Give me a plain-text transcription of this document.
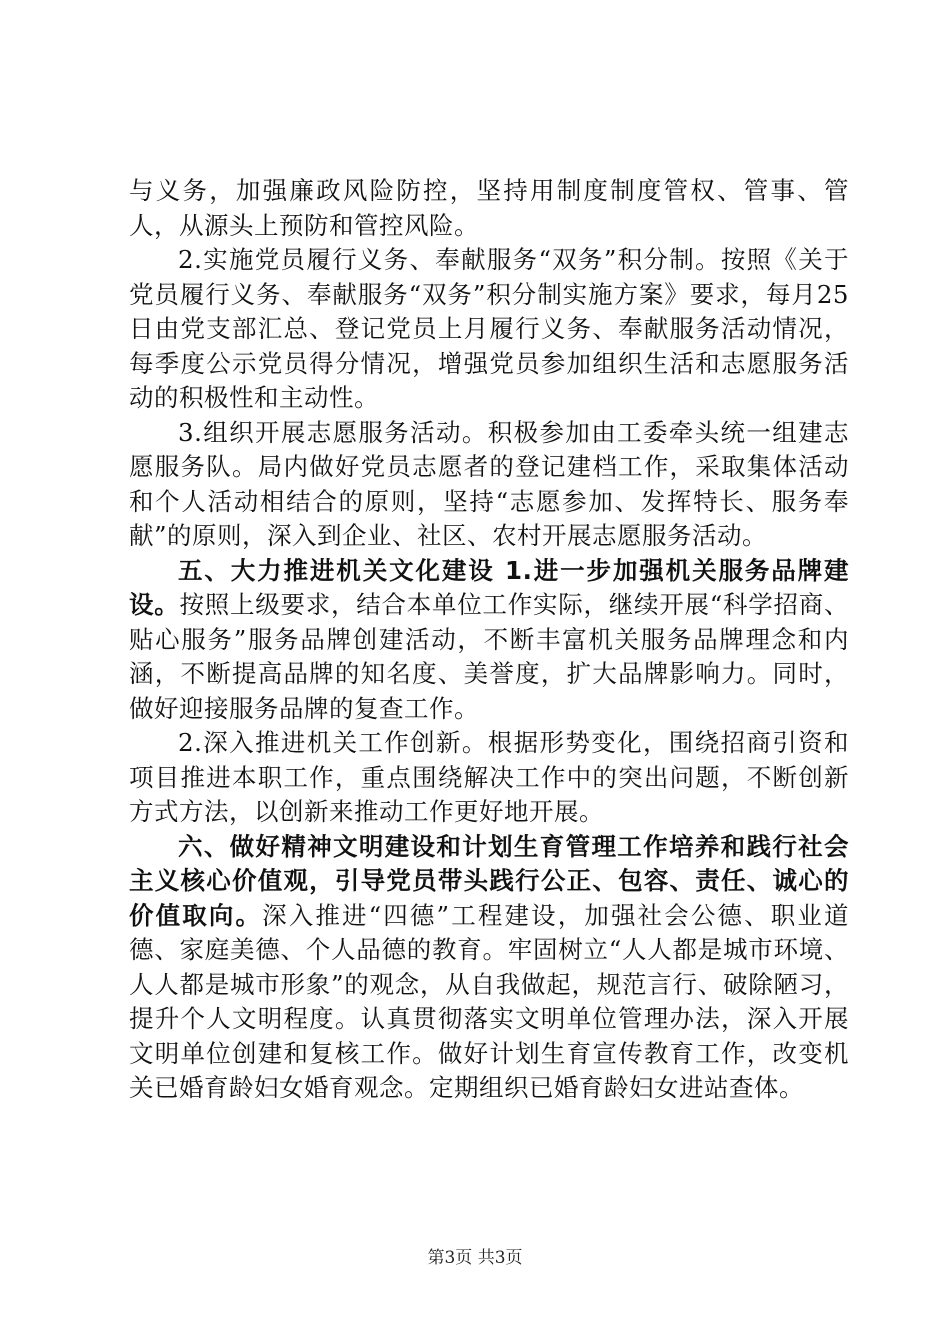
与义务，加强廉政风险防控，坚持用制度制度管权、管事、管人，从源头上预防和管控风险。

2.实施党员履行义务、奉献服务“双务”积分制。按照《关于党员履行义务、奉献服务“双务”积分制实施方案》要求，每月25日由党支部汇总、登记党员上月履行义务、奉献服务活动情况，每季度公示党员得分情况，增强党员参加组织生活和志愿服务活动的积极性和主动性。

3.组织开展志愿服务活动。积极参加由工委牵头统一组建志愿服务队。局内做好党员志愿者的登记建档工作，采取集体活动和个人活动相结合的原则，坚持“志愿参加、发挥特长、服务奉献”的原则，深入到企业、社区、农村开展志愿服务活动。

五、大力推进机关文化建设 1.进一步加强机关服务品牌建设。按照上级要求，结合本单位工作实际，继续开展“科学招商、贴心服务”服务品牌创建活动，不断丰富机关服务品牌理念和内涵，不断提高品牌的知名度、美誉度，扩大品牌影响力。同时，做好迎接服务品牌的复查工作。

2.深入推进机关工作创新。根据形势变化，围绕招商引资和项目推进本职工作，重点围绕解决工作中的突出问题，不断创新方式方法，以创新来推动工作更好地开展。

六、做好精神文明建设和计划生育管理工作培养和践行社会主义核心价值观，引导党员带头践行公正、包容、责任、诚心的价值取向。深入推进“四德”工程建设，加强社会公德、职业道德、家庭美德、个人品德的教育。牢固树立“人人都是城市环境、人人都是城市形象”的观念，从自我做起，规范言行、破除陋习，提升个人文明程度。认真贯彻落实文明单位管理办法，深入开展文明单位创建和复核工作。做好计划生育宣传教育工作，改变机关已婚育龄妇女婚育观念。定期组织已婚育龄妇女进站查体。

第3页 共3页
